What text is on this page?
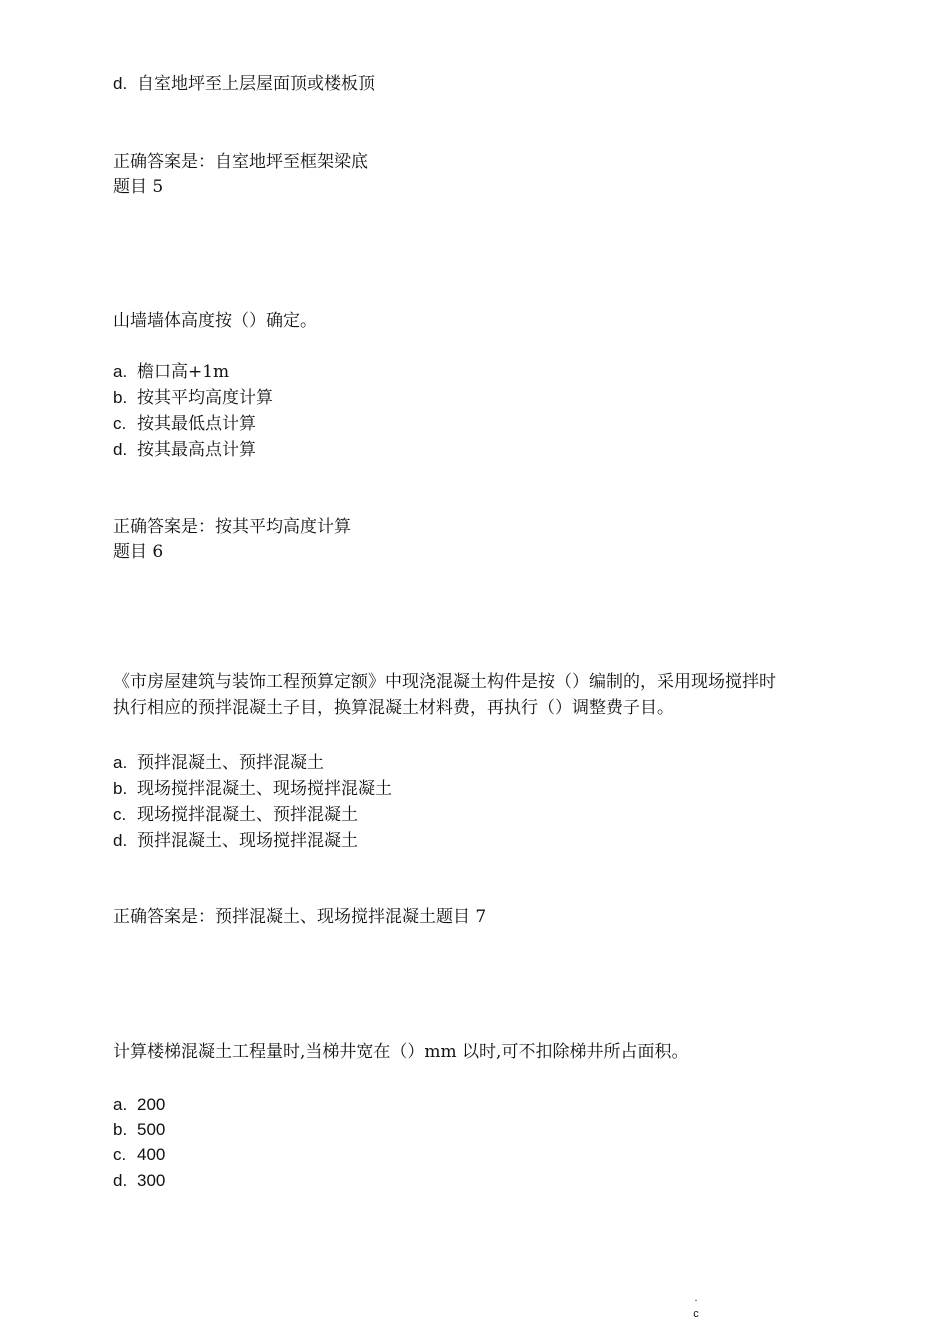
d. 自室地坪至上层屋面顶或楼板顶
正确答案是：自室地坪至框架梁底
题目 5
山墙墙体高度按（）确定。
a. 檐口高+1m
b. 按其平均高度计算
c. 按其最低点计算
d. 按其最高点计算
正确答案是：按其平均高度计算
题目 6
《市房屋建筑与装饰工程预算定额》中现浇混凝土构件是按（）编制的，采用现场搅拌时
执行相应的预拌混凝土子目，换算混凝土材料费，再执行（）调整费子目。
a. 预拌混凝土、预拌混凝土
b. 现场搅拌混凝土、现场搅拌混凝土
c. 现场搅拌混凝土、预拌混凝土
d. 预拌混凝土、现场搅拌混凝土
正确答案是：预拌混凝土、现场搅拌混凝土题目 7
计算楼梯混凝土工程量时,当梯井宽在（）mm 以时,可不扣除梯井所占面积。
a. 200
b. 500
c. 400
d. 300
.
c
